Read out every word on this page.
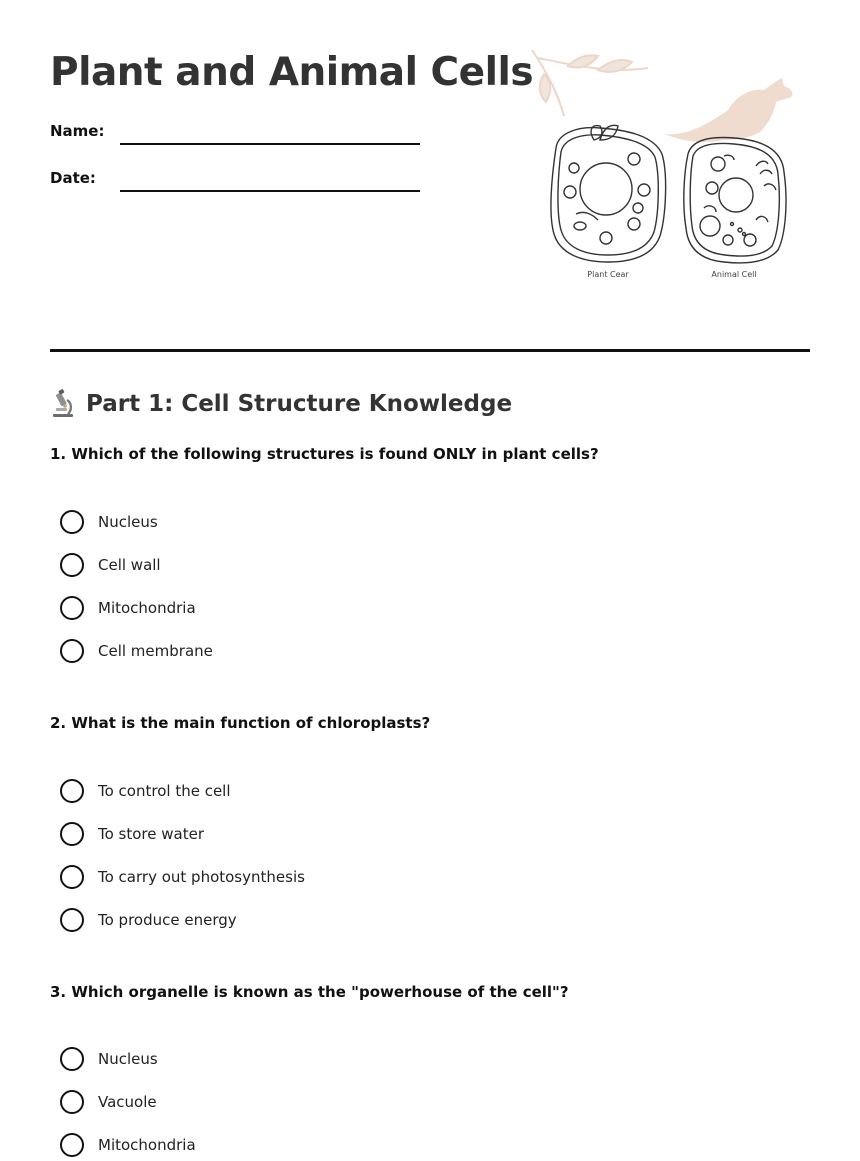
Plant and Animal Cells
Name:
Date:
Plant Cear	Animal Cell
Part 1: Cell Structure Knowledge
1. Which of the following structures is found ONLY in plant cells?
Nucleus
Cell wall
Mitochondria
Cell membrane
2. What is the main function of chloroplasts?
To control the cell
To store water
To carry out photosynthesis
To produce energy
3. Which organelle is known as the "powerhouse of the cell"?
Nucleus
Vacuole
Mitochondria
